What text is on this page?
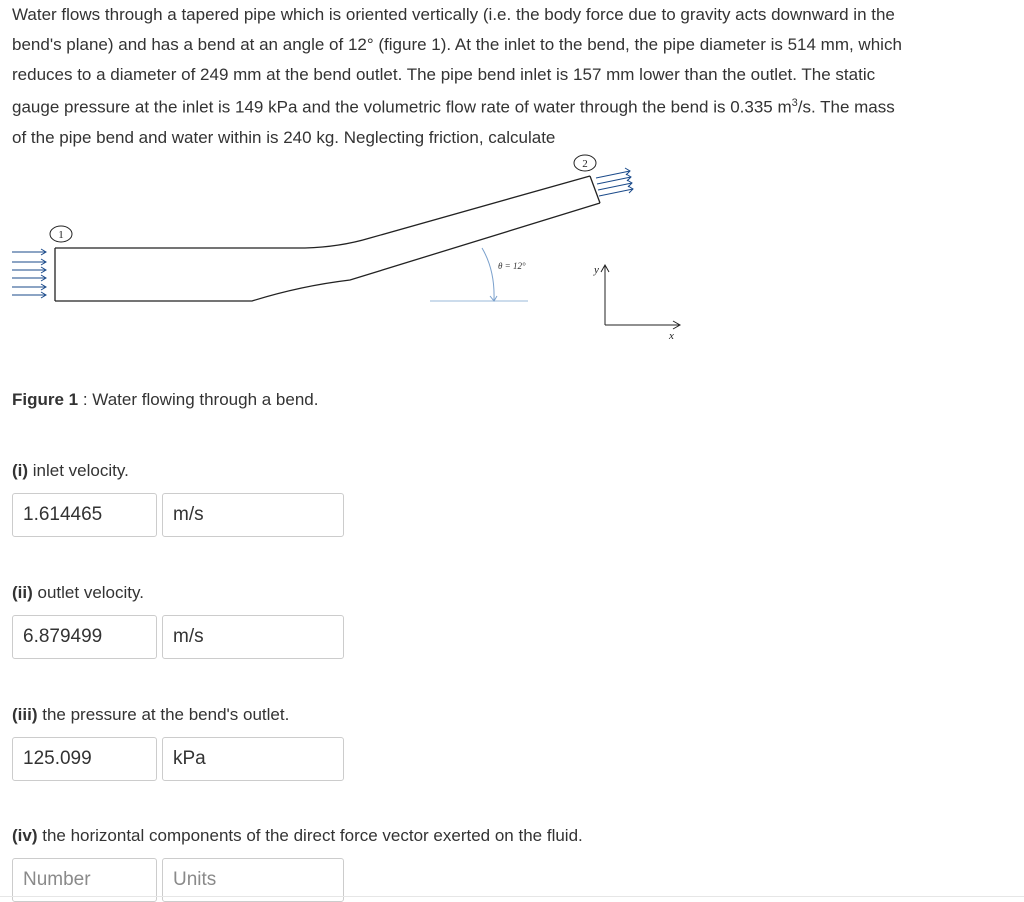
Water flows through a tapered pipe which is oriented vertically (i.e. the body force due to gravity acts downward in the
bend's plane) and has a bend at an angle of 12° (figure 1). At the inlet to the bend, the pipe diameter is 514 mm, which
reduces to a diameter of 249 mm at the bend outlet. The pipe bend inlet is 157 mm lower than the outlet. The static
gauge pressure at the inlet is 149 kPa and the volumetric flow rate of water through the bend is 0.335 $m^3/s$. The mass
of the pipe bend and water within is 240 kg. Neglecting friction, calculate

θ = 12°
1
2
y
x
Figure 1 : Water flowing through a bend.
(i) inlet velocity.
1.614465	m/s
(ii) outlet velocity.
6.879499	m/s
(iii) the pressure at the bend's outlet.
125.099	kPa
(iv) the horizontal components of the direct force vector exerted on the fluid.
Number	Units
